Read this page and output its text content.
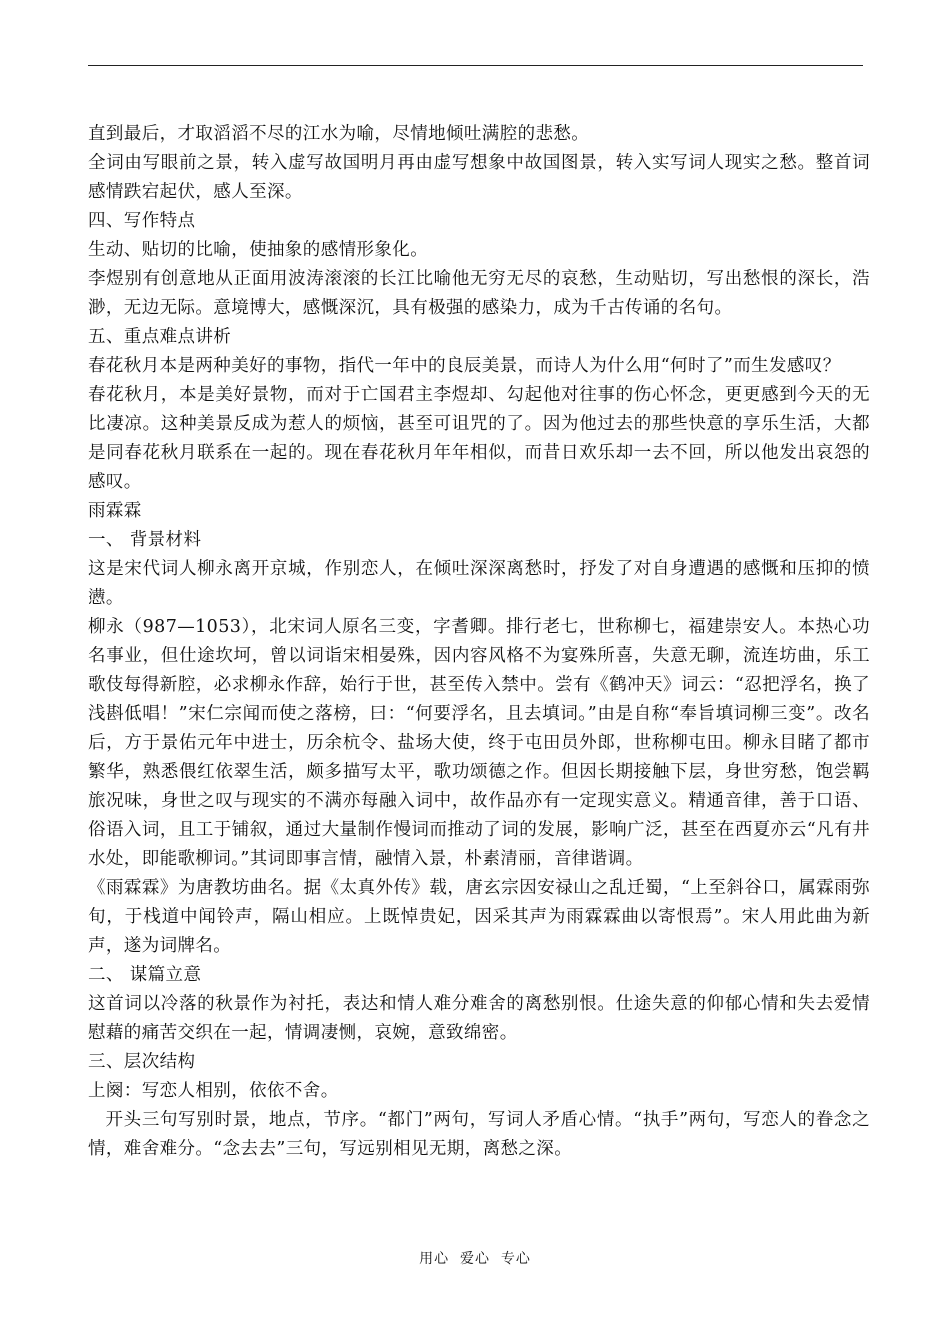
直到最后，才取滔滔不尽的江水为喻，尽情地倾吐满腔的悲愁。

全词由写眼前之景，转入虚写故国明月再由虚写想象中故国图景，转入实写词人现实之愁。整首词感情跌宕起伏，感人至深。

四、写作特点

生动、贴切的比喻，使抽象的感情形象化。

李煜别有创意地从正面用波涛滚滚的长江比喻他无穷无尽的哀愁，生动贴切，写出愁恨的深长，浩渺，无边无际。意境博大，感慨深沉，具有极强的感染力，成为千古传诵的名句。

五、重点难点讲析

春花秋月本是两种美好的事物，指代一年中的良辰美景，而诗人为什么用“何时了”而生发感叹？

春花秋月，本是美好景物，而对于亡国君主李煜却、勾起他对往事的伤心怀念，更更感到今天的无比凄凉。这种美景反成为惹人的烦恼，甚至可诅咒的了。因为他过去的那些快意的享乐生活，大都是同春花秋月联系在一起的。现在春花秋月年年相似，而昔日欢乐却一去不回，所以他发出哀怨的感叹。

雨霖霖

一、 背景材料

这是宋代词人柳永离开京城，作别恋人，在倾吐深深离愁时，抒发了对自身遭遇的感慨和压抑的愤懑。

柳永（987—1053），北宋词人原名三变，字耆卿。排行老七，世称柳七，福建崇安人。本热心功名事业，但仕途坎坷，曾以词诣宋相晏殊，因内容风格不为宴殊所喜，失意无聊，流连坊曲，乐工歌伎每得新腔，必求柳永作辞，始行于世，甚至传入禁中。尝有《鹤冲天》词云：“忍把浮名，换了浅斟低唱！”宋仁宗闻而使之落榜，曰：“何要浮名，且去填词。”由是自称“奉旨填词柳三变”。改名后，方于景佑元年中进士，历余杭令、盐场大使，终于屯田员外郎，世称柳屯田。柳永目睹了都市繁华，熟悉偎红依翠生活，颇多描写太平，歌功颂德之作。但因长期接触下层，身世穷愁，饱尝羁旅况味，身世之叹与现实的不满亦每融入词中，故作品亦有一定现实意义。精通音律，善于口语、俗语入词，且工于铺叙，通过大量制作慢词而推动了词的发展，影响广泛，甚至在西夏亦云“凡有井水处，即能歌柳词。”其词即事言情，融情入景，朴素清丽，音律谐调。

《雨霖霖》为唐教坊曲名。据《太真外传》载，唐玄宗因安禄山之乱迁蜀，“上至斜谷口，属霖雨弥旬，于栈道中闻铃声，隔山相应。上既悼贵妃，因采其声为雨霖霖曲以寄恨焉”。宋人用此曲为新声，遂为词牌名。

二、 谋篇立意

这首词以冷落的秋景作为衬托，表达和情人难分难舍的离愁别恨。仕途失意的仰郁心情和失去爱情慰藉的痛苦交织在一起，情调凄恻，哀婉，意致绵密。

三、层次结构

上阕：写恋人相别，依依不舍。

开头三句写别时景，地点，节序。“都门”两句，写词人矛盾心情。“执手”两句，写恋人的眷念之情，难舍难分。“念去去”三句，写远别相见无期，离愁之深。

用心  爱心  专心
